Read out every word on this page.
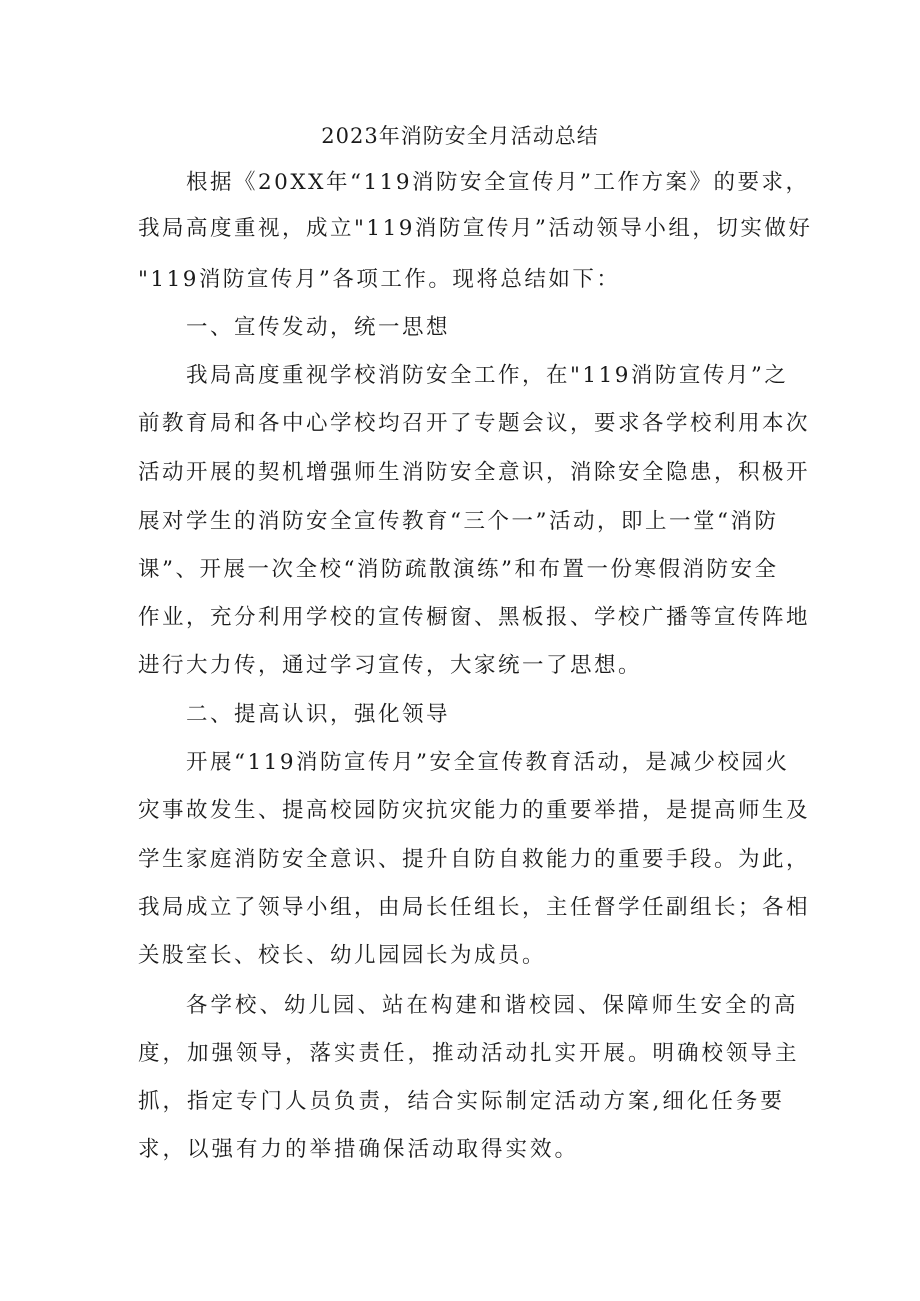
2023年消防安全月活动总结
根据《20XX年“119消防安全宣传月”工作方案》的要求，
我局高度重视，成立"119消防宣传月”活动领导小组，切实做好
"119消防宣传月”各项工作。现将总结如下：
一、宣传发动，统一思想
我局高度重视学校消防安全工作，在"119消防宣传月”之
前教育局和各中心学校均召开了专题会议，要求各学校利用本次
活动开展的契机增强师生消防安全意识，消除安全隐患，积极开
展对学生的消防安全宣传教育“三个一”活动，即上一堂“消防
课”、开展一次全校“消防疏散演练”和布置一份寒假消防安全
作业，充分利用学校的宣传橱窗、黑板报、学校广播等宣传阵地
进行大力传，通过学习宣传，大家统一了思想。
二、提高认识，强化领导
开展“119消防宣传月”安全宣传教育活动，是减少校园火
灾事故发生、提高校园防灾抗灾能力的重要举措，是提高师生及
学生家庭消防安全意识、提升自防自救能力的重要手段。为此，
我局成立了领导小组，由局长任组长，主任督学任副组长；各相
关股室长、校长、幼儿园园长为成员。
各学校、幼儿园、站在构建和谐校园、保障师生安全的高
度，加强领导，落实责任，推动活动扎实开展。明确校领导主
抓，指定专门人员负责，结合实际制定活动方案,细化任务要
求，以强有力的举措确保活动取得实效。
